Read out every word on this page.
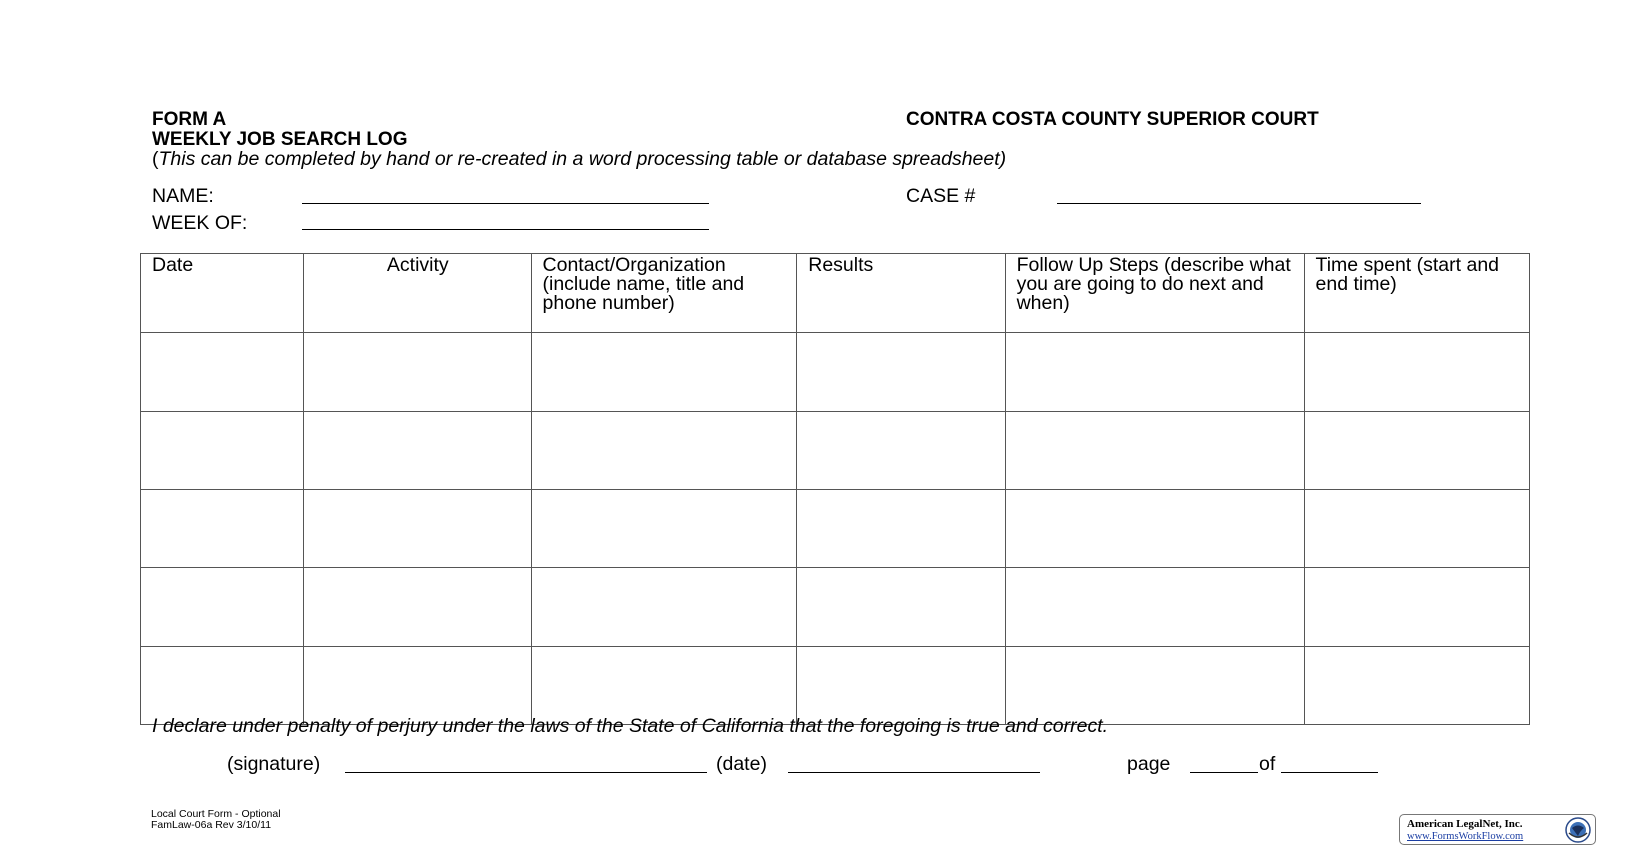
FORM A
WEEKLY JOB SEARCH LOG
CONTRA COSTA COUNTY SUPERIOR COURT
(This can be completed by hand or re-created in a word processing table or database spreadsheet)
NAME:	CASE #
WEEK OF:
Date	Activity	Contact/Organization (include name, title and phone number)	Results	Follow Up Steps (describe what you are going to do next and when)	Time spent (start and end time)

I declare under penalty of perjury under the laws of the State of California that the foregoing is true and correct.
(signature)	(date)	page	of
Local Court Form - Optional
FamLaw-06a Rev 3/10/11	American LegalNet, Inc.
www.FormsWorkFlow.com
